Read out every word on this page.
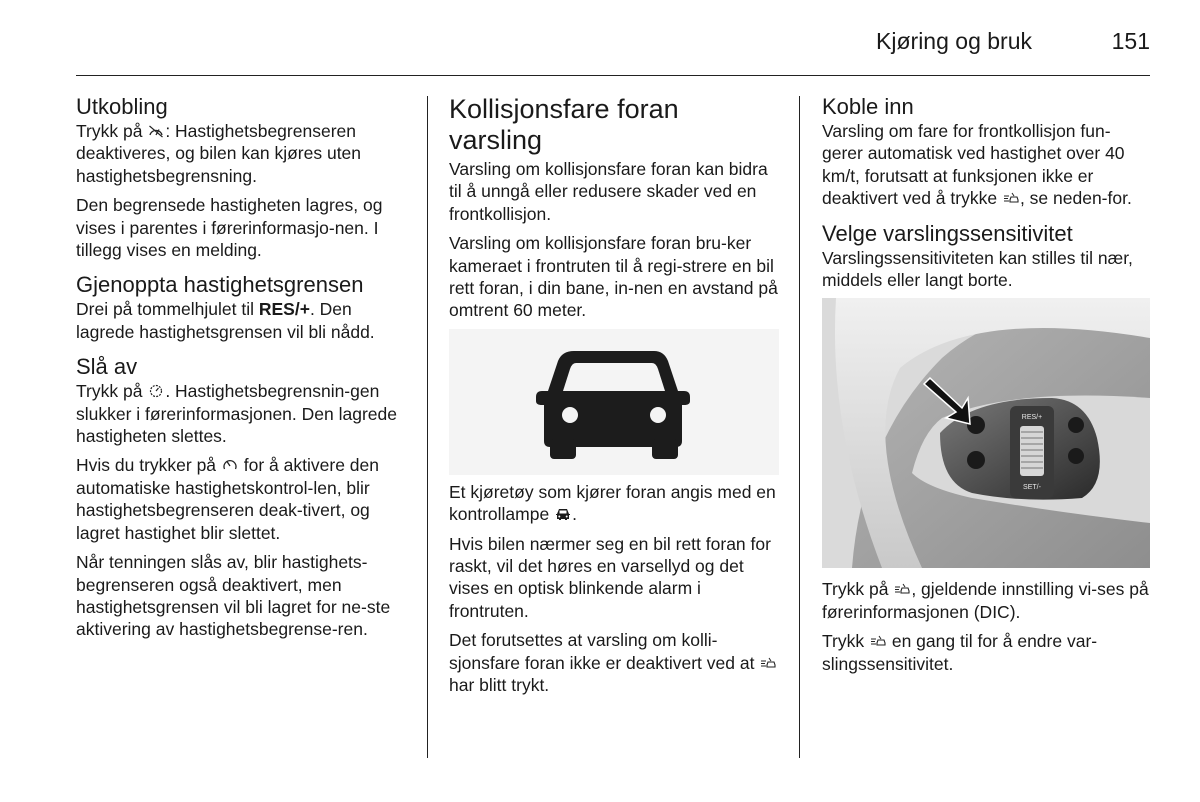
Kjøring og bruk	151
Utkobling

Trykk på
: Hastighetsbegrenseren deaktiveres, og bilen kan kjøres uten hastighetsbegrensning.

Den begrensede hastigheten lagres, og vises i parentes i førerinformasjo-nen. I tillegg vises en melding.

Gjenoppta hastighetsgrensen

Drei på tommelhjulet til RES/+. Den lagrede hastighetsgrensen vil bli nådd.

Slå av

Trykk på
. Hastighetsbegrensnin-gen slukker i førerinformasjonen. Den lagrede hastigheten slettes.

Hvis du trykker på
for å aktivere den automatiske hastighetskontrol-len, blir hastighetsbegrenseren deak-tivert, og lagret hastighet blir slettet.

Når tenningen slås av, blir hastighets-begrenseren også deaktivert, men hastighetsgrensen vil bli lagret for ne-ste aktivering av hastighetsbegrense-ren.

Kollisjonsfare foran varsling

Varsling om kollisjonsfare foran kan bidra til å unngå eller redusere skader ved en frontkollisjon.

Varsling om kollisjonsfare foran bru-ker kameraet i frontruten til å regi-strere en bil rett foran, i din bane, in-nen en avstand på omtrent 60 meter.

Et kjøretøy som kjører foran angis med en kontrollampe
.

Hvis bilen nærmer seg en bil rett foran for raskt, vil det høres en varsellyd og det vises en optisk blinkende alarm i frontruten.

Det forutsettes at varsling om kolli-sjonsfare foran ikke er deaktivert ved at
har blitt trykt.

Koble inn

Varsling om fare for frontkollisjon fun-gerer automatisk ved hastighet over 40 km/t, forutsatt at funksjonen ikke er deaktivert ved å trykke
, se neden-for.

Velge varslingssensitivitet

Varslingssensitiviteten kan stilles til nær, middels eller langt borte.

RES/+
SET/-

Trykk på
, gjeldende innstilling vi-ses på førerinformasjonen (DIC).

Trykk
en gang til for å endre var-slingssensitivitet.
